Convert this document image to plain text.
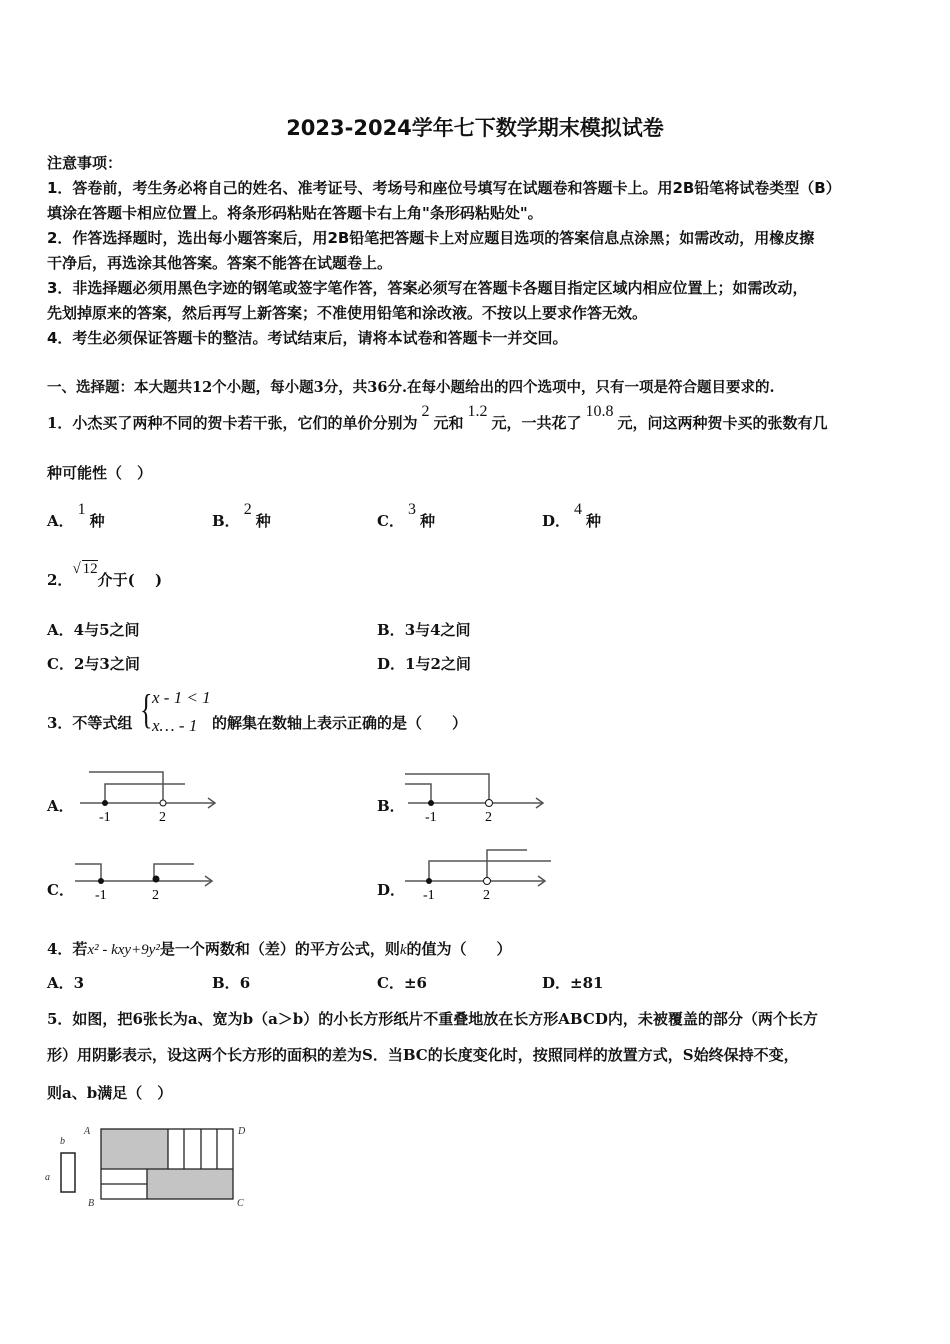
2023-2024学年七下数学期末模拟试卷
注意事项：
1．答卷前，考生务必将自己的姓名、准考证号、考场号和座位号填写在试题卷和答题卡上。用2B铅笔将试卷类型（B）
填涂在答题卡相应位置上。将条形码粘贴在答题卡右上角"条形码粘贴处"。
2．作答选择题时，选出每小题答案后，用2B铅笔把答题卡上对应题目选项的答案信息点涂黑；如需改动，用橡皮擦
干净后，再选涂其他答案。答案不能答在试题卷上。
3．非选择题必须用黑色字迹的钢笔或签字笔作答，答案必须写在答题卡各题目指定区域内相应位置上；如需改动，
先划掉原来的答案，然后再写上新答案；不准使用铅笔和涂改液。不按以上要求作答无效。
4．考生必须保证答题卡的整洁。考试结束后，请将本试卷和答题卡一并交回。
一、选择题：本大题共12个小题，每小题3分，共36分.在每小题给出的四个选项中，只有一项是符合题目要求的.
1．小杰买了两种不同的贺卡若干张，它们的单价分别为2元和1.2元，一共花了10.8元，问这两种贺卡买的张数有几
种可能性（　）
A．1种	B．2种	C．3种	D．4种
2．√ 12介于(　 )
A．4与5之间	B．3与4之间
C．2与3之间	D．1与2之间
3．不等式组 { x - 1 < 1
x… - 1 的解集在数轴上表示正确的是（　　）
A．
-1	2
B．
-1	2
C． -1	2	D． -1	2
4．若x² - kxy+9y²是一个两数和（差）的平方公式，则k的值为（　　）
A．3	B．6	C．±6	D．±81
5．如图，把6张长为a、宽为b（a＞b）的小长方形纸片不重叠地放在长方形ABCD内，未被覆盖的部分（两个长方
形）用阴影表示，设这两个长方形的面积的差为S．当BC的长度变化时，按照同样的放置方式，S始终保持不变，
则a、b满足（　）
b
a
A	D
B	C
